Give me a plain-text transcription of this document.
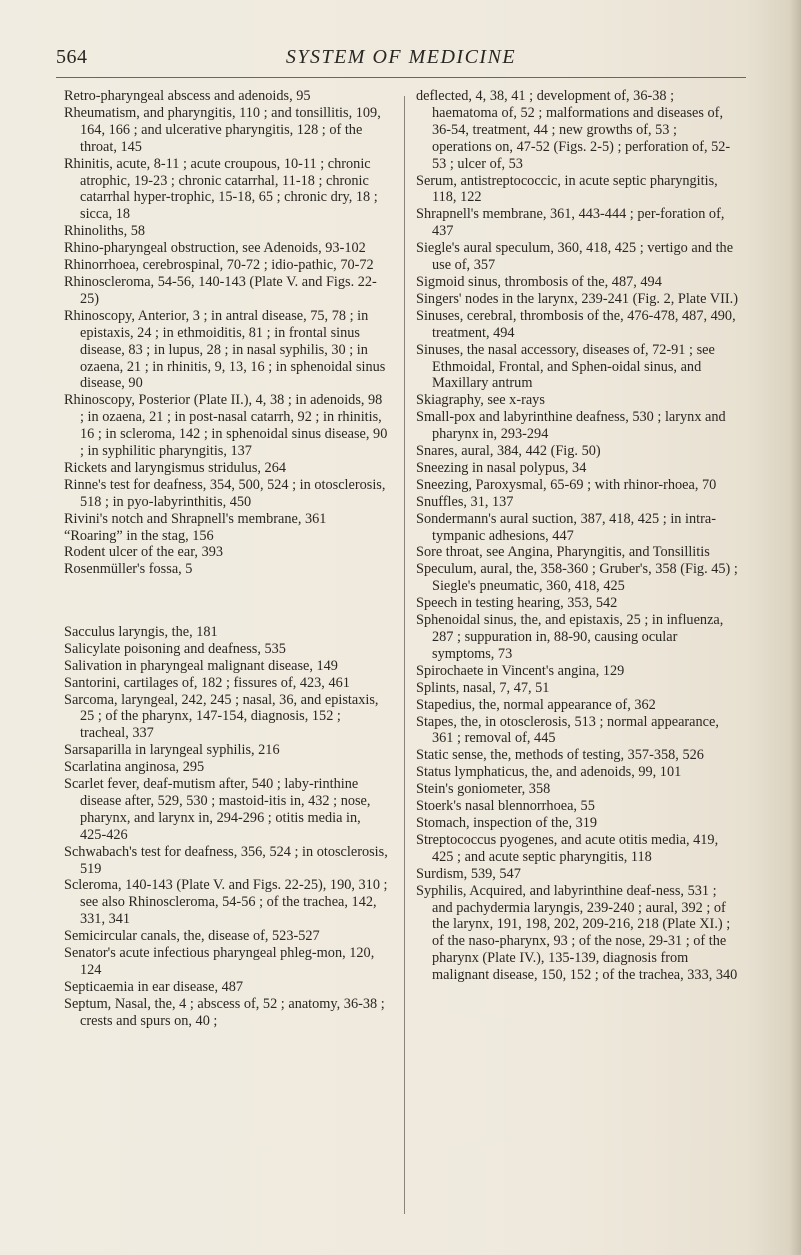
564	SYSTEM OF MEDICINE

Retro-pharyngeal abscess and adenoids, 95

Rheumatism, and pharyngitis, 110 ; and tonsillitis, 109, 164, 166 ; and ulcerative pharyngitis, 128 ; of the throat, 145

Rhinitis, acute, 8-11 ; acute croupous, 10-11 ; chronic atrophic, 19-23 ; chronic catarrhal, 11-18 ; chronic catarrhal hyper-trophic, 15-18, 65 ; chronic dry, 18 ; sicca, 18

Rhinoliths, 58

Rhino-pharyngeal obstruction, see Adenoids, 93-102

Rhinorrhoea, cerebrospinal, 70-72 ; idio-pathic, 70-72

Rhinoscleroma, 54-56, 140-143 (Plate V. and Figs. 22-25)

Rhinoscopy, Anterior, 3 ; in antral disease, 75, 78 ; in epistaxis, 24 ; in ethmoiditis, 81 ; in frontal sinus disease, 83 ; in lupus, 28 ; in nasal syphilis, 30 ; in ozaena, 21 ; in rhinitis, 9, 13, 16 ; in sphenoidal sinus disease, 90

Rhinoscopy, Posterior (Plate II.), 4, 38 ; in adenoids, 98 ; in ozaena, 21 ; in post-nasal catarrh, 92 ; in rhinitis, 16 ; in scleroma, 142 ; in sphenoidal sinus disease, 90 ; in syphilitic pharyngitis, 137

Rickets and laryngismus stridulus, 264

Rinne's test for deafness, 354, 500, 524 ; in otosclerosis, 518 ; in pyo-labyrinthitis, 450

Rivini's notch and Shrapnell's membrane, 361

“Roaring” in the stag, 156

Rodent ulcer of the ear, 393

Rosenmüller's fossa, 5

Sacculus laryngis, the, 181

Salicylate poisoning and deafness, 535

Salivation in pharyngeal malignant disease, 149

Santorini, cartilages of, 182 ; fissures of, 423, 461

Sarcoma, laryngeal, 242, 245 ; nasal, 36, and epistaxis, 25 ; of the pharynx, 147-154, diagnosis, 152 ; tracheal, 337

Sarsaparilla in laryngeal syphilis, 216

Scarlatina anginosa, 295

Scarlet fever, deaf-mutism after, 540 ; laby-rinthine disease after, 529, 530 ; mastoid-itis in, 432 ; nose, pharynx, and larynx in, 294-296 ; otitis media in, 425-426

Schwabach's test for deafness, 356, 524 ; in otosclerosis, 519

Scleroma, 140-143 (Plate V. and Figs. 22-25), 190, 310 ; see also Rhinoscleroma, 54-56 ; of the trachea, 142, 331, 341

Semicircular canals, the, disease of, 523-527

Senator's acute infectious pharyngeal phleg-mon, 120, 124

Septicaemia in ear disease, 487

Septum, Nasal, the, 4 ; abscess of, 52 ; anatomy, 36-38 ; crests and spurs on, 40 ;

deflected, 4, 38, 41 ; development of, 36-38 ; haematoma of, 52 ; malformations and diseases of, 36-54, treatment, 44 ; new growths of, 53 ; operations on, 47-52 (Figs. 2-5) ; perforation of, 52-53 ; ulcer of, 53

Serum, antistreptococcic, in acute septic pharyngitis, 118, 122

Shrapnell's membrane, 361, 443-444 ; per-foration of, 437

Siegle's aural speculum, 360, 418, 425 ; vertigo and the use of, 357

Sigmoid sinus, thrombosis of the, 487, 494

Singers' nodes in the larynx, 239-241 (Fig. 2, Plate VII.)

Sinuses, cerebral, thrombosis of the, 476-478, 487, 490, treatment, 494

Sinuses, the nasal accessory, diseases of, 72-91 ; see Ethmoidal, Frontal, and Sphen-oidal sinus, and Maxillary antrum

Skiagraphy, see x-rays

Small-pox and labyrinthine deafness, 530 ; larynx and pharynx in, 293-294

Snares, aural, 384, 442 (Fig. 50)

Sneezing in nasal polypus, 34

Sneezing, Paroxysmal, 65-69 ; with rhinor-rhoea, 70

Snuffles, 31, 137

Sondermann's aural suction, 387, 418, 425 ; in intra-tympanic adhesions, 447

Sore throat, see Angina, Pharyngitis, and Tonsillitis

Speculum, aural, the, 358-360 ; Gruber's, 358 (Fig. 45) ; Siegle's pneumatic, 360, 418, 425

Speech in testing hearing, 353, 542

Sphenoidal sinus, the, and epistaxis, 25 ; in influenza, 287 ; suppuration in, 88-90, causing ocular symptoms, 73

Spirochaete in Vincent's angina, 129

Splints, nasal, 7, 47, 51

Stapedius, the, normal appearance of, 362

Stapes, the, in otosclerosis, 513 ; normal appearance, 361 ; removal of, 445

Static sense, the, methods of testing, 357-358, 526

Status lymphaticus, the, and adenoids, 99, 101

Stein's goniometer, 358

Stoerk's nasal blennorrhoea, 55

Stomach, inspection of the, 319

Streptococcus pyogenes, and acute otitis media, 419, 425 ; and acute septic pharyngitis, 118

Surdism, 539, 547

Syphilis, Acquired, and labyrinthine deaf-ness, 531 ; and pachydermia laryngis, 239-240 ; aural, 392 ; of the larynx, 191, 198, 202, 209-216, 218 (Plate XI.) ; of the naso-pharynx, 93 ; of the nose, 29-31 ; of the pharynx (Plate IV.), 135-139, diagnosis from malignant disease, 150, 152 ; of the trachea, 333, 340
